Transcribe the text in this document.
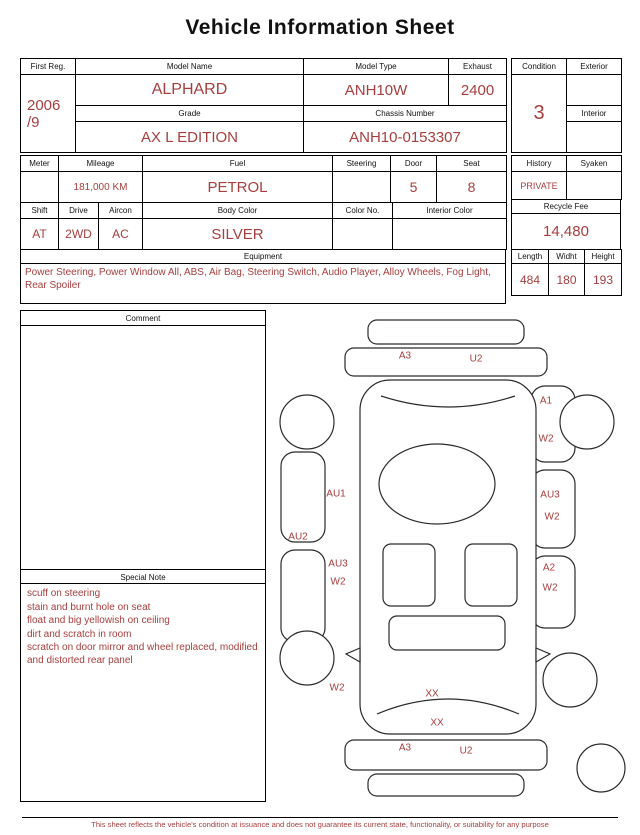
Vehicle Information Sheet
First Reg.	Model Name	Model Type	Exhaust

2006
/9	ALPHARD	ANH10W	2400
	Grade	Chassis Number	
	AX L EDITION	ANH10-0153307	
Condition	Exterior
3	
	Interior

Meter	Mileage	Fuel	Steering	Door	Seat
	181,000 KM	PETROL		5	8
Shift	Drive	Aircon	Body Color	Color No.	Interior Color
AT	2WD	AC	SILVER		
Equipment
Power Steering, Power Window All, ABS, Air Bag, Steering Switch, Audio Player, Alloy Wheels, Fog Light, Rear Spoiler
History	Syaken
PRIVATE	
Recycle Fee
14,480
Length	Widht	Height
484	180	193
Comment
Special Note
scuff on steering
stain and burnt hole on seat
float and big yellowish on ceiling
dirt and scratch in room
scratch on door mirror and wheel replaced, modified and distorted rear panel
A3	U2
A1
W2
AU1
AU2
AU3
W2
AU3
W2
A2
W2
W2
XX
XX
A3	U2
This sheet reflects the vehicle's condition at issuance and does not guarantee its current state, functionality, or suitability for any purpose
